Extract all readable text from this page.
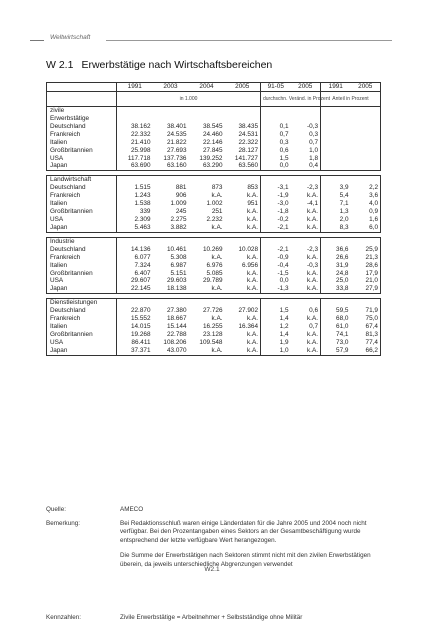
Weltwirtschaft
W 2.1 Erwerbstätige nach Wirtschaftsbereichen
	1991	2003	2004	2005	91-05	2005	1991	2005
	in 1.000				durchschn. Veränd. in Prozent		Anteil in Prozent	
zivile								
Erwerbstätige								
Deutschland	38.162	38.401	38.545	38.435	0,1	-0,3		
Frankreich	22.332	24.535	24.460	24.531	0,7	0,3		
Italien	21.410	21.822	22.146	22.322	0,3	0,7		
Großbritannien	25.998	27.693	27.845	28.127	0,6	1,0		
USA	117.718	137.736	139.252	141.727	1,5	1,8		
Japan	63.690	63.160	63.290	63.560	0,0	0,4		

Landwirtschaft								
Deutschland	1.515	881	873	853	-3,1	-2,3	3,9	2,2
Frankreich	1.243	906	k.A.	k.A.	-1,9	k.A.	5,4	3,6
Italien	1.538	1.009	1.002	951	-3,0	-4,1	7,1	4,0
Großbritannien	339	245	251	k.A.	-1,8	k.A.	1,3	0,9
USA	2.309	2.275	2.232	k.A.	-0,2	k.A.	2,0	1,6
Japan	5.463	3.882	k.A.	k.A.	-2,1	k.A.	8,3	6,0

Industrie								
Deutschland	14.136	10.461	10.269	10.028	-2,1	-2,3	36,6	25,9
Frankreich	6.077	5.308	k.A.	k.A.	-0,9	k.A.	26,6	21,3
Italien	7.324	6.987	6.976	6.956	-0,4	-0,3	31,9	28,6
Großbritannien	6.407	5.151	5.085	k.A.	-1,5	k.A.	24,8	17,9
USA	29.607	29.603	29.789	k.A.	0,0	k.A.	25,0	21,0
Japan	22.145	18.138	k.A.	k.A.	-1,3	k.A.	33,8	27,9

Dienstleistungen								
Deutschland	22.870	27.380	27.726	27.902	1,5	0,6	59,5	71,9
Frankreich	15.552	18.667	k.A.	k.A.	1,4	k.A.	68,0	75,0
Italien	14.015	15.144	16.255	16.364	1,2	0,7	61,0	67,4
Großbritannien	19.268	22.788	23.128	k.A.	1,4	k.A.	74,1	81,3
USA	86.411	108.206	109.548	k.A.	1,9	k.A.	73,0	77,4
Japan	37.371	43.070	k.A.	k.A.	1,0	k.A.	57,9	66,2
Quelle:	AMECO
Bemerkung:	Bei Redaktionsschluß waren einige Länderdaten für die Jahre 2005 und 2004 noch nicht verfügbar. Bei den Prozentangaben eines Sektors an der Gesamtbeschäftigung wurde entsprechend der letzte verfügbare Wert herangezogen.

Die Summe der Erwerbstätigen nach Sektoren stimmt nicht mit den zivilen Erwerbstätigen überein, da jeweils unterschiedliche Abgrenzungen verwendet

Kennzahlen:	Zivile Erwerbstätige = Arbeitnehmer + Selbstständige ohne Militär
W2.1
